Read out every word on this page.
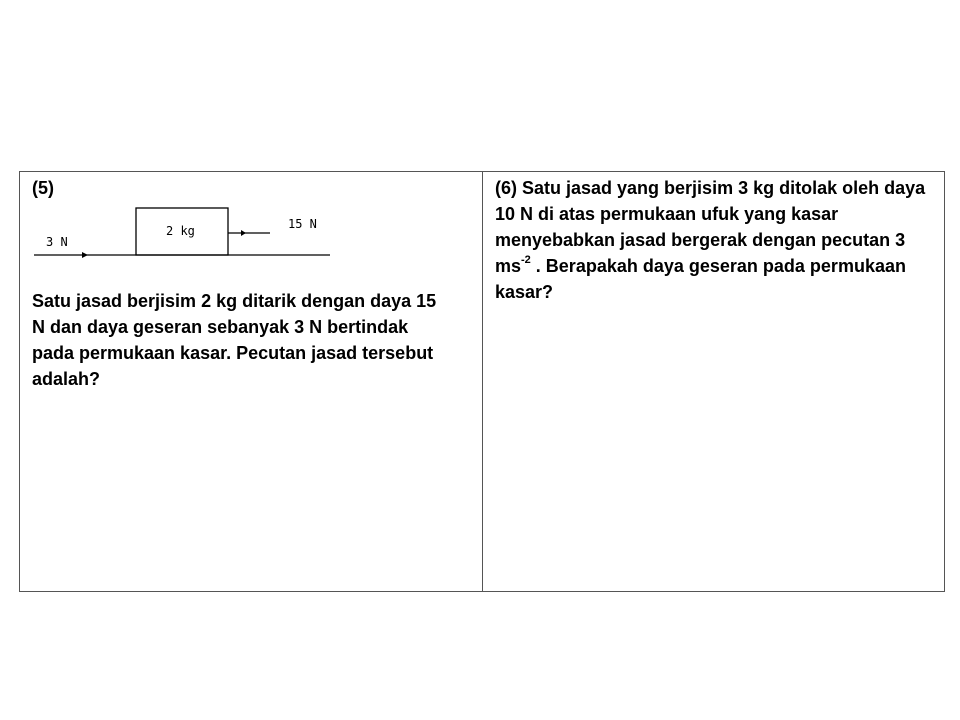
(5)
2 kg	15 N
3 N

Satu jasad berjisim 2 kg ditarik dengan daya 15 N dan daya geseran sebanyak 3 N bertindak pada permukaan kasar. Pecutan jasad tersebut adalah?

(6) Satu jasad yang berjisim 3 kg ditolak oleh daya 10 N di atas permukaan ufuk yang kasar menyebabkan jasad bergerak dengan pecutan 3 $ms^{-2}$ . Berapakah daya geseran pada permukaan kasar?
